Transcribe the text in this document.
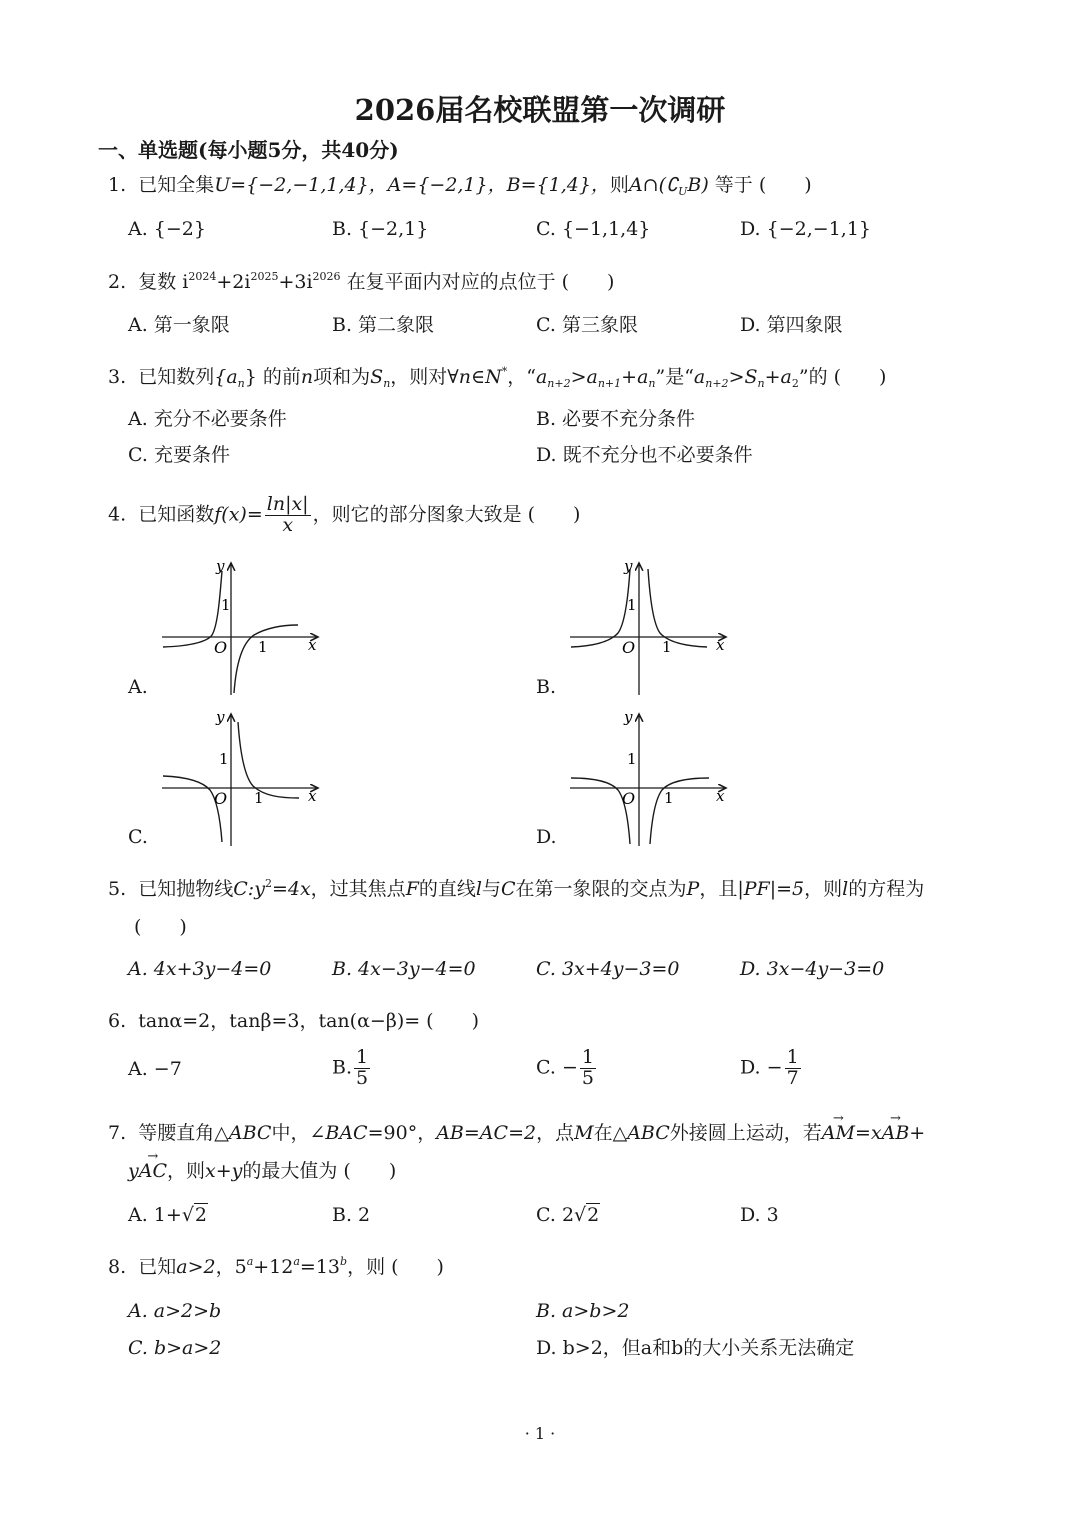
2026届名校联盟第一次调研
一、单选题(每小题5分，共40分)
1. 已知全集U={−2,−1,1,4}，A={−2,1}，B={1,4}，则$A\cap(∁_UB)$ 等于 (　　)
A. {−2}	B. {−2,1}	C. {−1,1,4}	D. {−2,−1,1}
2. 复数 $i^{2024}+2i^{2025}+3i^{2026}$ 在复平面内对应的点位于 (　　)
A. 第一象限	B. 第二象限	C. 第三象限	D. 第四象限
3. 已知数列$\{a_n\}$ 的前n项和为$S_n$，则对∀n∈N*，“$a_{n+2}>a_{n+1}+a_n$”是“$a_{n+2}>S_n+a_2$”的 (　　)
A. 充分不必要条件	B. 必要不充分条件
C. 充要条件	D. 既不充分也不必要条件
4. 已知函数$f(x)= \frac{\ln|x|}{x}$ ，则它的部分图象大致是 (　　)
A.	B.
C.	D.
1
1
O	x
y
1
1
O	x
y
1
1
O	x
y
1
1
O	x
y
5. 已知抛物线$C:y^2=4x$，过其焦点F的直线l与C在第一象限的交点为P，且|PF|=5，则l的方程为
(　　)
A. 4x+3y−4=0	B. 4x−3y−4=0	C. 3x+4y−3=0	D. 3x−4y−3=0
6. tanα=2，tanβ=3，tan(α−β)= (　　)
A. −7	B. $\frac{1}{5}$	C. − $\frac{1}{5}$	D. − $\frac{1}{7}$
7. 等腰直角△ABC中，∠BAC=90°，AB=AC=2，点M在△ABC外接圆上运动，若→ AM=x→ AB+
y→ AC，则x+y的最大值为 (　　)
A. 1+√2	B. 2	C. 2√2	D. 3
8. 已知a>2，$5^a+12^a=13^b$，则 (　　)
A. a>2>b	B. a>b>2
C. b>a>2	D. b>2，但a和b的大小关系无法确定
· 1 ·
